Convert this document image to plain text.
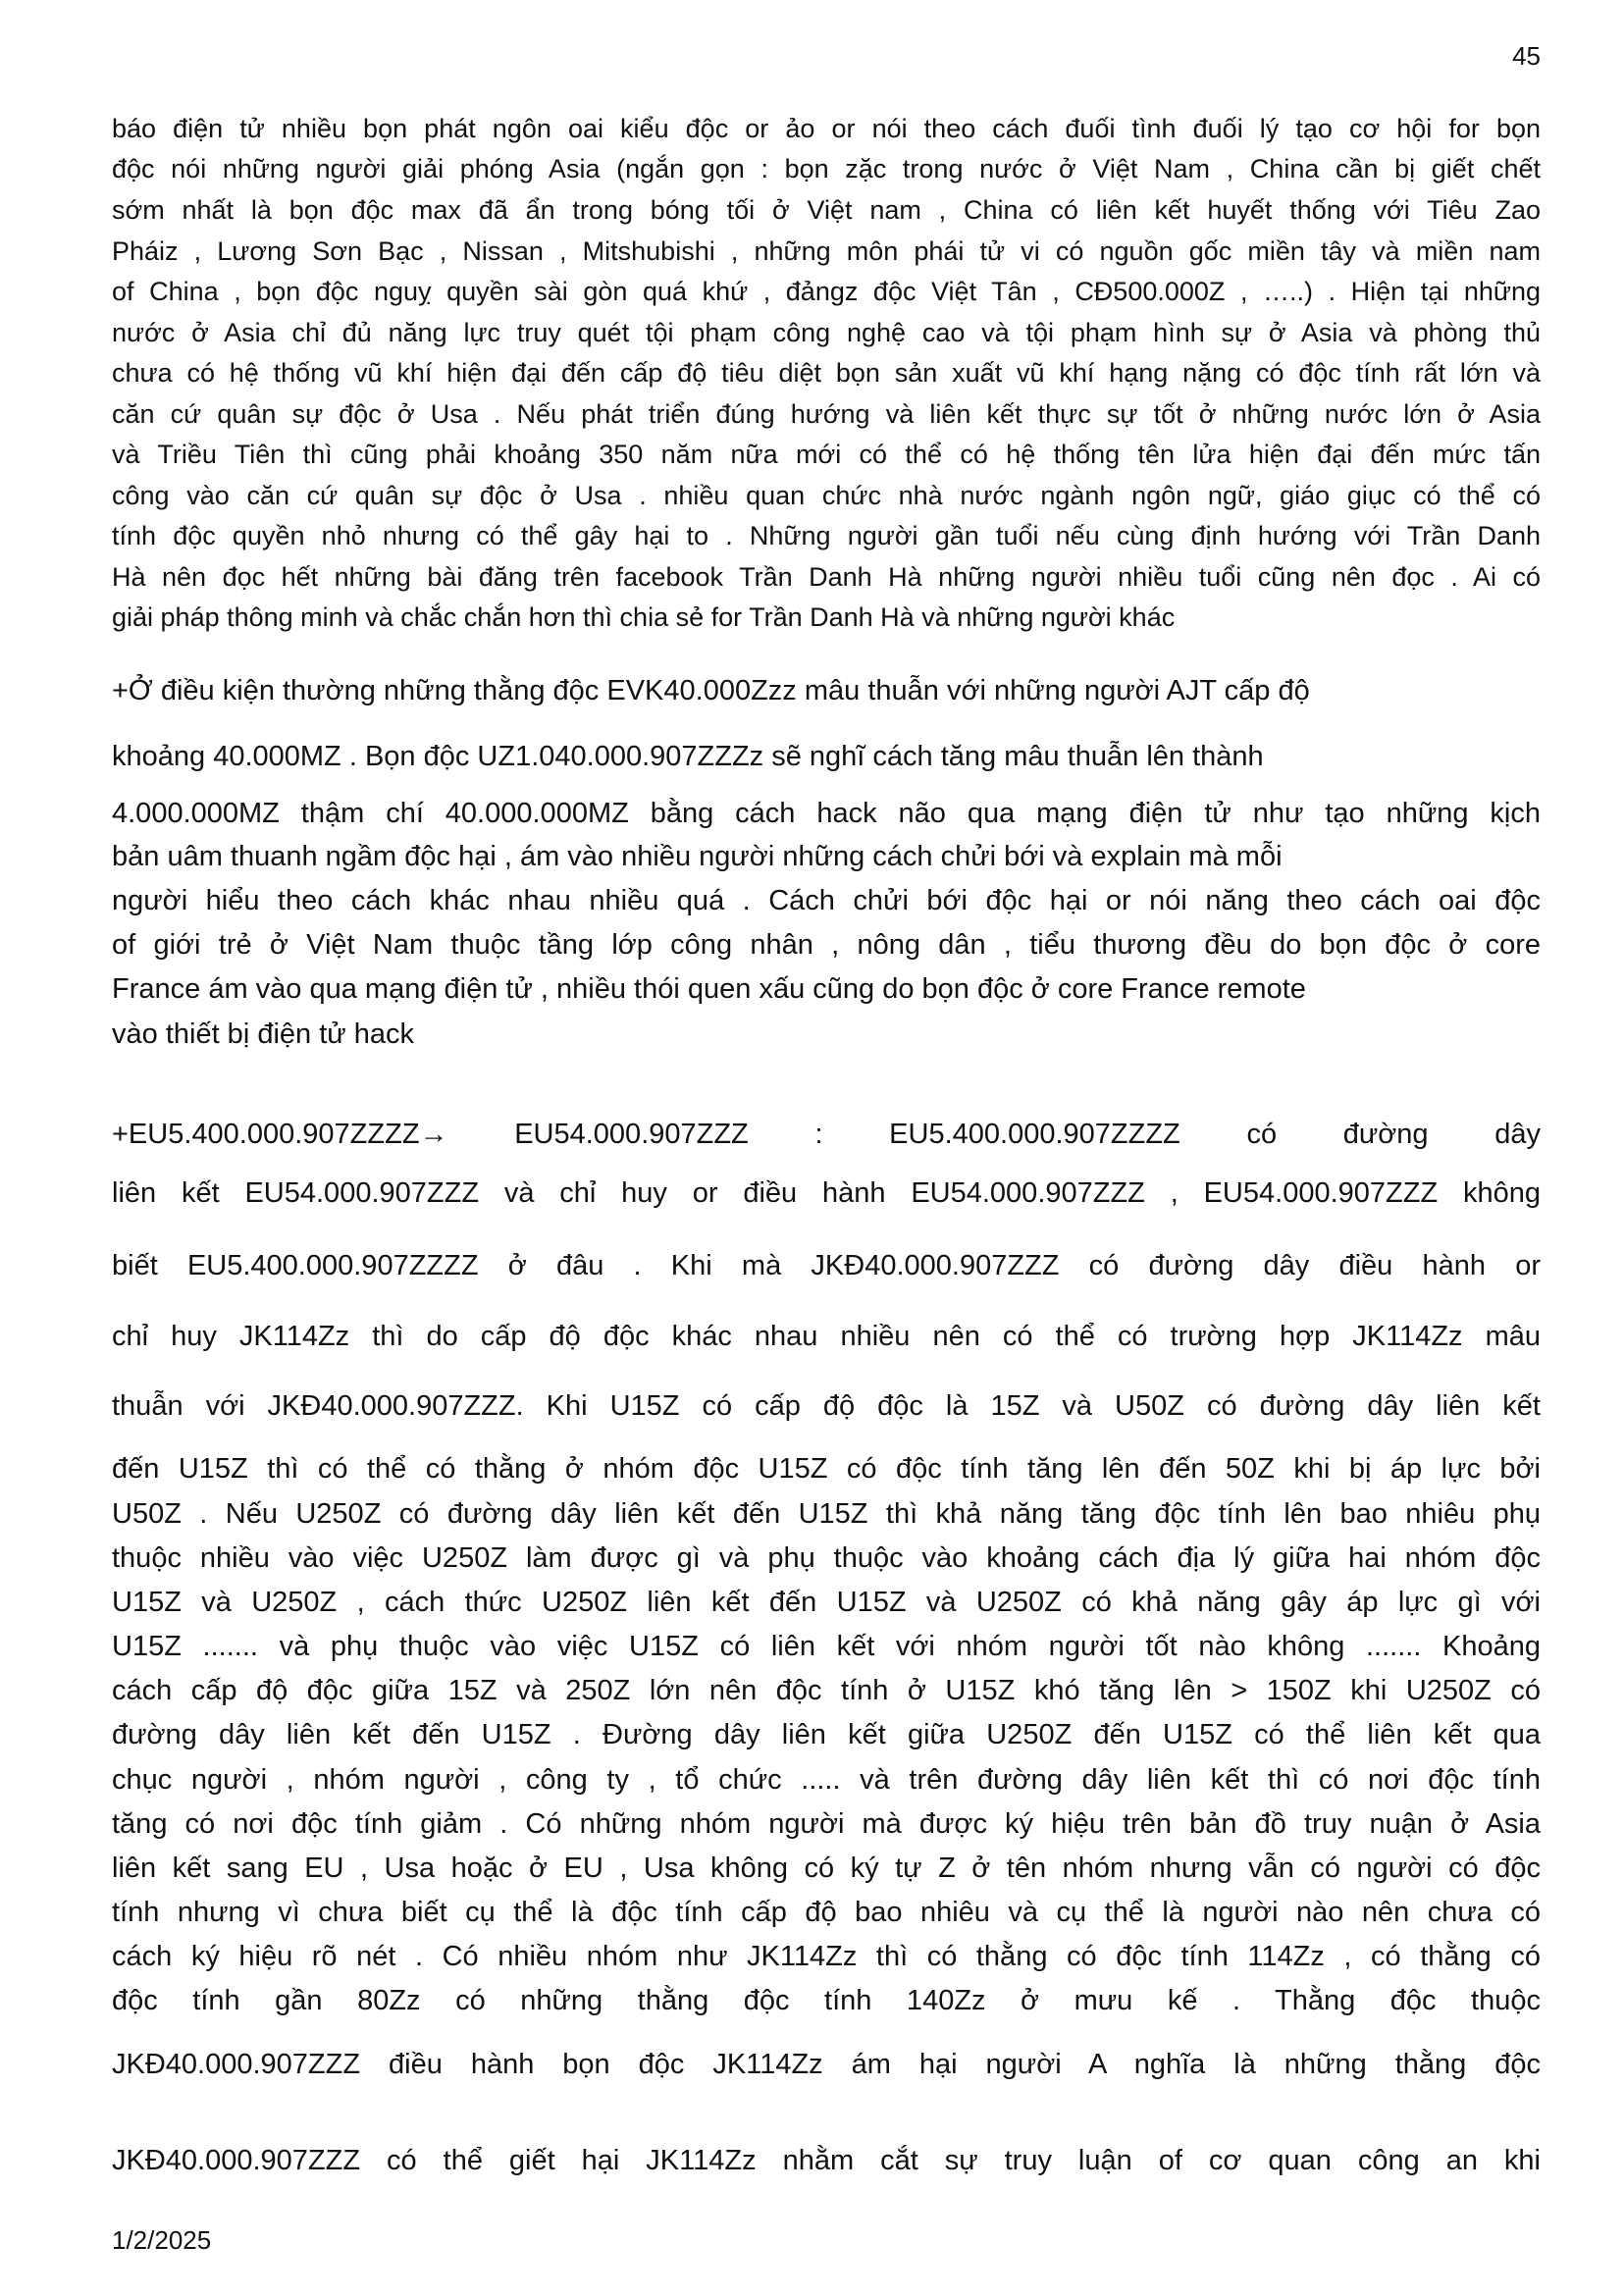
45
báo điện tử nhiều bọn phát ngôn oai kiểu độc or ảo or nói theo cách đuối tình đuối lý tạo cơ hội for bọn
độc nói những người giải phóng Asia (ngắn gọn : bọn zặc trong nước ở Việt Nam , China cần bị giết chết
sớm nhất là bọn độc max đã ẩn trong bóng tối ở Việt nam , China có liên kết huyết thống với Tiêu Zao
Pháiz , Lương Sơn Bạc , Nissan , Mitshubishi , những môn phái tử vi có nguồn gốc miền tây và miền nam
of China , bọn độc nguỵ quyền sài gòn quá khứ , đảngz độc Việt Tân , CĐ500.000Z , …..) . Hiện tại những
nước ở Asia chỉ đủ năng lực truy quét tội phạm công nghệ cao và tội phạm hình sự ở Asia và phòng thủ
chưa có hệ thống vũ khí hiện đại đến cấp độ tiêu diệt bọn sản xuất vũ khí hạng nặng có độc tính rất lớn và
căn cứ quân sự độc ở Usa . Nếu phát triển đúng hướng và liên kết thực sự tốt ở những nước lớn ở Asia
và Triều Tiên thì cũng phải khoảng 350 năm nữa mới có thể có hệ thống tên lửa hiện đại đến mức tấn
công vào căn cứ quân sự độc ở Usa . nhiều quan chức nhà nước ngành ngôn ngữ, giáo giục có thể có
tính độc quyền nhỏ nhưng có thể gây hại to . Những người gần tuổi nếu cùng định hướng với Trần Danh
Hà nên đọc hết những bài đăng trên facebook Trần Danh Hà những người nhiều tuổi cũng nên đọc . Ai có
giải pháp thông minh và chắc chắn hơn thì chia sẻ for Trần Danh Hà và những người khác
+Ở điều kiện thường những thằng độc EVK40.000Zzz mâu thuẫn với những người AJT cấp độ
khoảng 40.000MZ . Bọn độc UZ1.040.000.907ZZZz sẽ nghĩ cách tăng mâu thuẫn lên thành
4.000.000MZ thậm chí 40.000.000MZ bằng cách hack não qua mạng điện tử như tạo những kịch
bản uâm thuanh ngầm độc hại , ám vào nhiều người những cách chửi bới và explain mà mỗi
người hiểu theo cách khác nhau nhiều quá . Cách chửi bới độc hại or nói năng theo cách oai độc
of giới trẻ ở Việt Nam thuộc tầng lớp công nhân , nông dân , tiểu thương đều do bọn độc ở core
France ám vào qua mạng điện tử , nhiều thói quen xấu cũng do bọn độc ở core France remote
vào thiết bị điện tử hack
+EU5.400.000.907ZZZZ→ EU54.000.907ZZZ : EU5.400.000.907ZZZZ có đường dây
liên kết EU54.000.907ZZZ và chỉ huy or điều hành EU54.000.907ZZZ , EU54.000.907ZZZ không
biết EU5.400.000.907ZZZZ ở đâu . Khi mà JKĐ40.000.907ZZZ có đường dây điều hành or
chỉ huy JK114Zz thì do cấp độ độc khác nhau nhiều nên có thể có trường hợp JK114Zz mâu
thuẫn với JKĐ40.000.907ZZZ. Khi U15Z có cấp độ độc là 15Z và U50Z có đường dây liên kết
đến U15Z thì có thể có thằng ở nhóm độc U15Z có độc tính tăng lên đến 50Z khi bị áp lực bởi
U50Z . Nếu U250Z có đường dây liên kết đến U15Z thì khả năng tăng độc tính lên bao nhiêu phụ
thuộc nhiều vào việc U250Z làm được gì và phụ thuộc vào khoảng cách địa lý giữa hai nhóm độc
U15Z và U250Z , cách thức U250Z liên kết đến U15Z và U250Z có khả năng gây áp lực gì với
U15Z ....... và phụ thuộc vào việc U15Z có liên kết với nhóm người tốt nào không ....... Khoảng
cách cấp độ độc giữa 15Z và 250Z lớn nên độc tính ở U15Z khó tăng lên > 150Z khi U250Z có
đường dây liên kết đến U15Z . Đường dây liên kết giữa U250Z đến U15Z có thể liên kết qua
chục người , nhóm người , công ty , tổ chức ..... và trên đường dây liên kết thì có nơi độc tính
tăng có nơi độc tính giảm . Có những nhóm người mà được ký hiệu trên bản đồ truy nuận ở Asia
liên kết sang EU , Usa hoặc ở EU , Usa không có ký tự Z ở tên nhóm nhưng vẫn có người có độc
tính nhưng vì chưa biết cụ thể là độc tính cấp độ bao nhiêu và cụ thể là người nào nên chưa có
cách ký hiệu rõ nét . Có nhiều nhóm như JK114Zz thì có thằng có độc tính 114Zz , có thằng có
độc tính gần 80Zz có những thằng độc tính 140Zz ở mưu kế . Thằng độc thuộc
JKĐ40.000.907ZZZ điều hành bọn độc JK114Zz ám hại người A nghĩa là những thằng độc
JKĐ40.000.907ZZZ có thể giết hại JK114Zz nhằm cắt sự truy luận of cơ quan công an khi
1/2/2025
